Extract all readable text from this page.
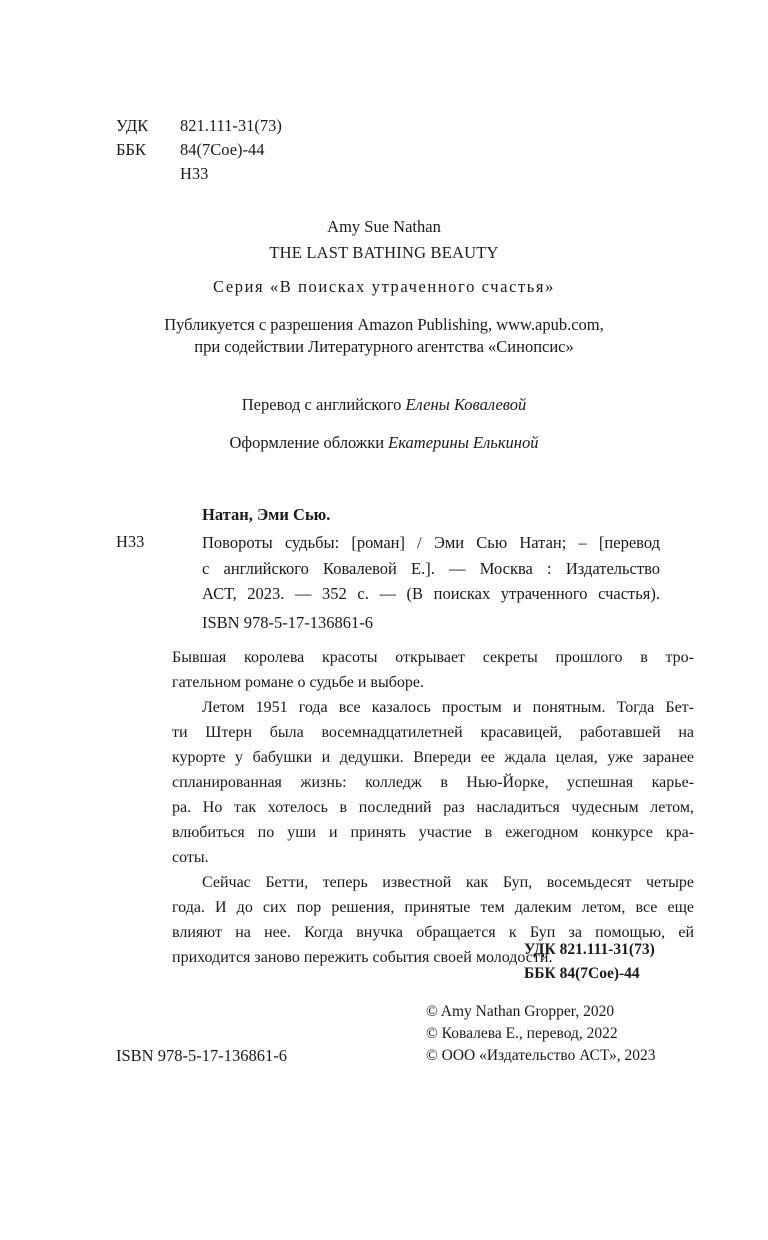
УДК 821.111-31(73)
ББК 84(7Сое)-44
Н33
Amy Sue Nathan
THE LAST BATHING BEAUTY
Серия «В поисках утраченного счастья»
Публикуется с разрешения Amazon Publishing, www.apub.com,
при содействии Литературного агентства «Синопсис»
Перевод с английского Елены Ковалевой
Оформление обложки Екатерины Елькиной
Натан, Эми Сью.
Н33	Повороты судьбы: [роман] / Эми Сью Натан; – [перевод
с английского Ковалевой Е.]. — Москва : Издательство
АСТ, 2023. — 352 с. — (В поисках утраченного счастья).
ISBN 978-5-17-136861-6
Бывшая королева красоты открывает секреты прошлого в тро-
гательном романе о судьбе и выборе.
Летом 1951 года все казалось простым и понятным. Тогда Бет-
ти Штерн была восемнадцатилетней красавицей, работавшей на
курорте у бабушки и дедушки. Впереди ее ждала целая, уже заранее
спланированная жизнь: колледж в Нью-Йорке, успешная карье-
ра. Но так хотелось в последний раз насладиться чудесным летом,
влюбиться по уши и принять участие в ежегодном конкурсе кра-
соты.
Сейчас Бетти, теперь известной как Буп, восемьдесят четыре
года. И до сих пор решения, принятые тем далеким летом, все еще
влияют на нее. Когда внучка обращается к Буп за помощью, ей
приходится заново пережить события своей молодости.
УДК 821.111-31(73)
ББК 84(7Сое)-44
© Amy Nathan Gropper, 2020
© Ковалева Е., перевод, 2022
© ООО «Издательство АСТ», 2023
ISBN 978-5-17-136861-6
